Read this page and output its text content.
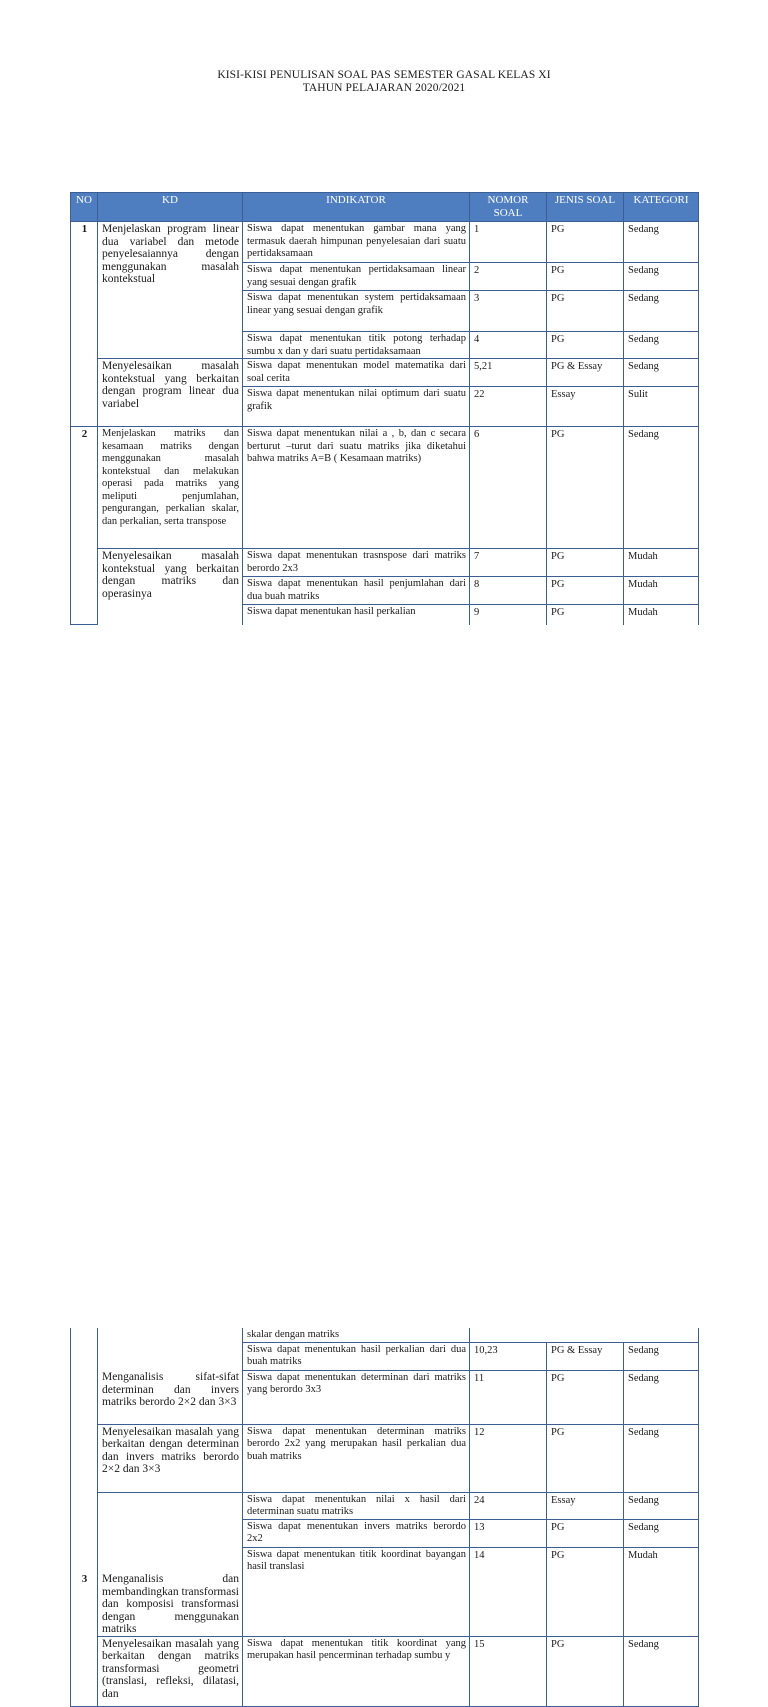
KISI-KISI PENULISAN SOAL PAS SEMESTER GASAL KELAS XI
TAHUN PELAJARAN 2020/2021
NO	KD	INDIKATOR	NOMOR SOAL	JENIS SOAL	KATEGORI
1	Menjelaskan program linear dua variabel dan metode penyelesaiannya dengan menggunakan masalah kontekstual	Siswa dapat menentukan gambar mana yang termasuk daerah himpunan penyelesaian dari suatu pertidaksamaan	1	PG	Sedang
		Siswa dapat menentukan pertidaksamaan linear yang sesuai dengan grafik	2	PG	Sedang
		Siswa dapat menentukan system pertidaksamaan linear yang sesuai dengan grafik	3	PG	Sedang
		Siswa dapat menentukan titik potong terhadap sumbu x dan y dari suatu pertidaksamaan	4	PG	Sedang
	Menyelesaikan masalah kontekstual yang berkaitan dengan program linear dua variabel	Siswa dapat menentukan model matematika dari soal cerita	5,21	PG & Essay	Sedang
		Siswa dapat menentukan nilai optimum dari suatu grafik	22	Essay	Sulit
2	Menjelaskan matriks dan kesamaan matriks dengan menggunakan masalah kontekstual dan melakukan operasi pada matriks yang meliputi penjumlahan, pengurangan, perkalian skalar, dan perkalian, serta transpose	Siswa dapat menentukan nilai a , b, dan c secara berturut –turut dari suatu matriks jika diketahui bahwa matriks A=B ( Kesamaan matriks)	6	PG	Sedang
	Menyelesaikan masalah kontekstual yang berkaitan dengan matriks dan operasinya	Siswa dapat menentukan trasnspose dari matriks berordo 2x3	7	PG	Mudah
		Siswa dapat menentukan hasil penjumlahan dari dua buah matriks	8	PG	Mudah
		Siswa dapat menentukan hasil perkalian	9	PG	Mudah
		skalar dengan matriks			
		Siswa dapat menentukan hasil perkalian dari dua buah matriks	10,23	PG & Essay	Sedang
	Menganalisis sifat-sifat determinan dan invers matriks berordo 2×2 dan 3×3	Siswa dapat menentukan determinan dari matriks yang berordo 3x3	11	PG	Sedang
	Menyelesaikan masalah yang berkaitan dengan determinan dan invers matriks berordo 2×2 dan 3×3	Siswa dapat menentukan determinan matriks berordo 2x2 yang merupakan hasil perkalian dua buah matriks	12	PG	Sedang
		Siswa dapat menentukan nilai x hasil dari determinan suatu matriks	24	Essay	Sedang
		Siswa dapat menentukan invers matriks berordo 2x2	13	PG	Sedang
3	Menganalisis dan membandingkan transformasi dan komposisi transformasi dengan menggunakan matriks	Siswa dapat menentukan titik koordinat bayangan hasil translasi	14	PG	Mudah
	Menyelesaikan masalah yang berkaitan dengan matriks transformasi geometri (translasi, refleksi, dilatasi, dan	Siswa dapat menentukan titik koordinat yang merupakan hasil pencerminan terhadap sumbu y	15	PG	Sedang
